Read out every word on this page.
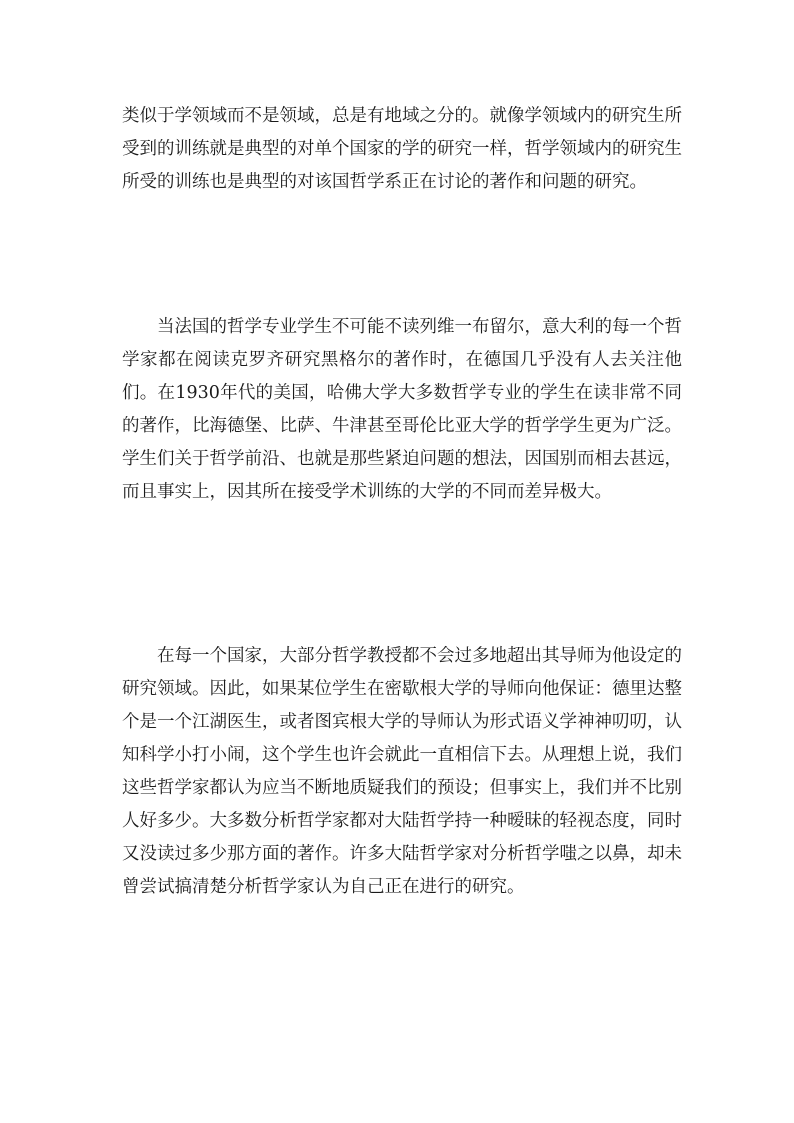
类似于学领域而不是领域，总是有地域之分的。就像学领域内的研究生所受到的训练就是典型的对单个国家的学的研究一样，哲学领域内的研究生所受的训练也是典型的对该国哲学系正在讨论的著作和问题的研究。

当法国的哲学专业学生不可能不读列维一布留尔，意大利的每一个哲学家都在阅读克罗齐研究黑格尔的著作时，在德国几乎没有人去关注他们。在1930年代的美国，哈佛大学大多数哲学专业的学生在读非常不同的著作，比海德堡、比萨、牛津甚至哥伦比亚大学的哲学学生更为广泛。学生们关于哲学前沿、也就是那些紧迫问题的想法，因国别而相去甚远，而且事实上，因其所在接受学术训练的大学的不同而差异极大。

在每一个国家，大部分哲学教授都不会过多地超出其导师为他设定的研究领域。因此，如果某位学生在密歇根大学的导师向他保证：德里达整个是一个江湖医生，或者图宾根大学的导师认为形式语义学神神叨叨，认知科学小打小闹，这个学生也许会就此一直相信下去。从理想上说，我们这些哲学家都认为应当不断地质疑我们的预设；但事实上，我们并不比别人好多少。大多数分析哲学家都对大陆哲学持一种暧昧的轻视态度，同时又没读过多少那方面的著作。许多大陆哲学家对分析哲学嗤之以鼻，却未曾尝试搞清楚分析哲学家认为自己正在进行的研究。
